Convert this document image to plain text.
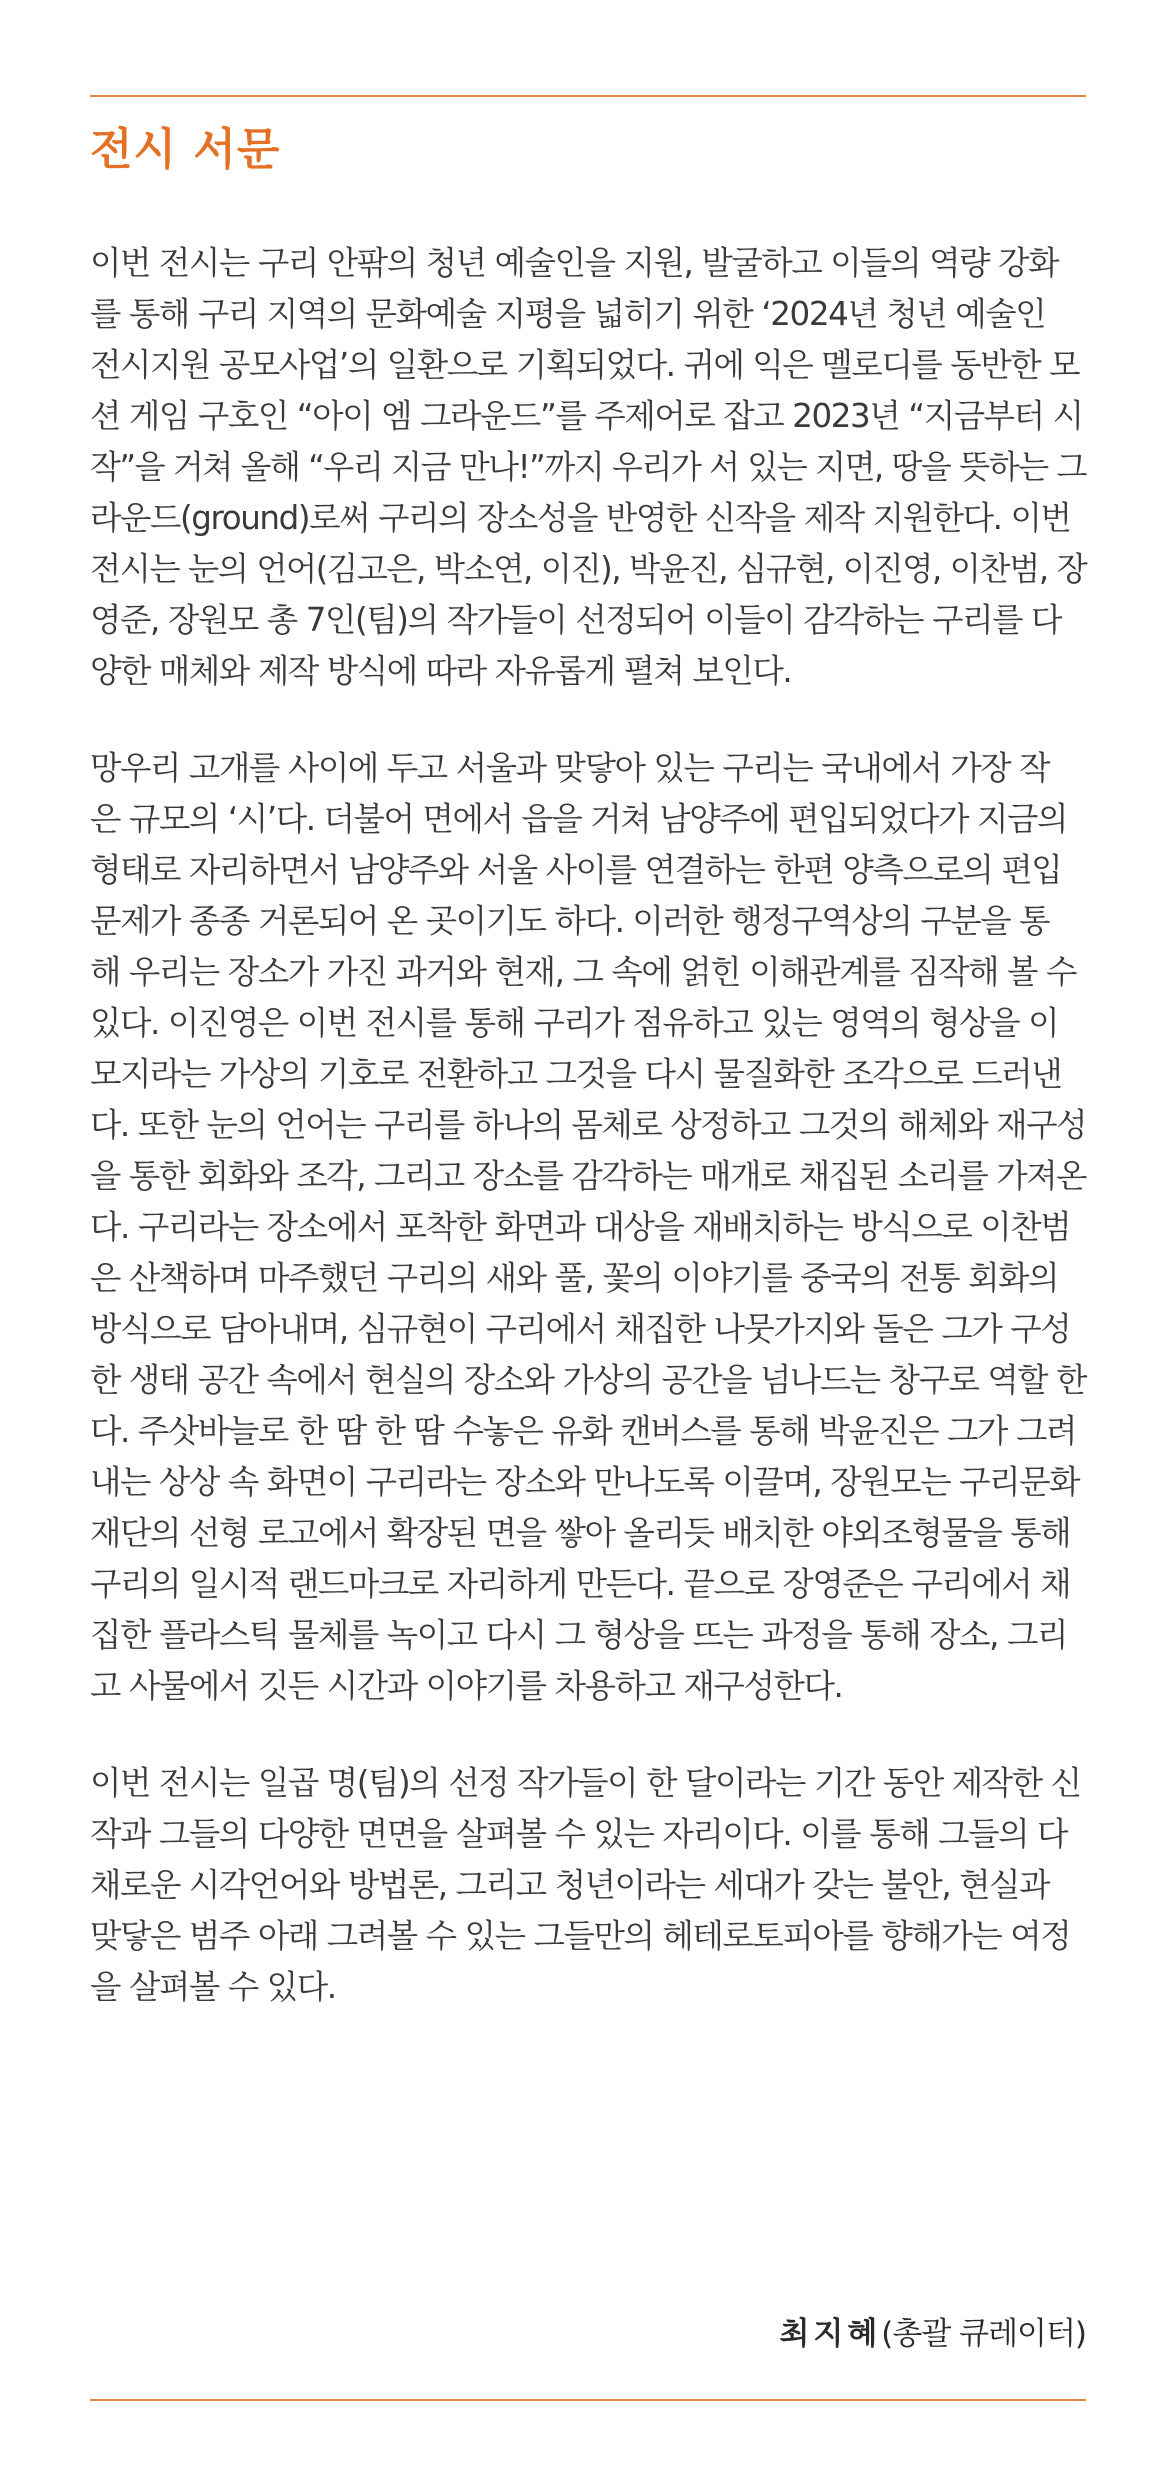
전시 서문

이번 전시는 구리 안팎의 청년 예술인을 지원, 발굴하고 이들의 역량 강화
를 통해 구리 지역의 문화예술 지평을 넓히기 위한 ‘2024년 청년 예술인
전시지원 공모사업’의 일환으로 기획되었다. 귀에 익은 멜로디를 동반한 모
션 게임 구호인 “아이 엠 그라운드”를 주제어로 잡고 2023년 “지금부터 시
작”을 거쳐 올해 “우리 지금 만나!”까지 우리가 서 있는 지면, 땅을 뜻하는 그
라운드(ground)로써 구리의 장소성을 반영한 신작을 제작 지원한다. 이번
전시는 눈의 언어(김고은, 박소연, 이진), 박윤진, 심규현, 이진영, 이찬범, 장
영준, 장원모 총 7인(팀)의 작가들이 선정되어 이들이 감각하는 구리를 다
양한 매체와 제작 방식에 따라 자유롭게 펼쳐 보인다.

망우리 고개를 사이에 두고 서울과 맞닿아 있는 구리는 국내에서 가장 작
은 규모의 ‘시’다. 더불어 면에서 읍을 거쳐 남양주에 편입되었다가 지금의
형태로 자리하면서 남양주와 서울 사이를 연결하는 한편 양측으로의 편입
문제가 종종 거론되어 온 곳이기도 하다. 이러한 행정구역상의 구분을 통
해 우리는 장소가 가진 과거와 현재, 그 속에 얽힌 이해관계를 짐작해 볼 수
있다. 이진영은 이번 전시를 통해 구리가 점유하고 있는 영역의 형상을 이
모지라는 가상의 기호로 전환하고 그것을 다시 물질화한 조각으로 드러낸
다. 또한 눈의 언어는 구리를 하나의 몸체로 상정하고 그것의 해체와 재구성
을 통한 회화와 조각, 그리고 장소를 감각하는 매개로 채집된 소리를 가져온
다. 구리라는 장소에서 포착한 화면과 대상을 재배치하는 방식으로 이찬범
은 산책하며 마주했던 구리의 새와 풀, 꽃의 이야기를 중국의 전통 회화의
방식으로 담아내며, 심규현이 구리에서 채집한 나뭇가지와 돌은 그가 구성
한 생태 공간 속에서 현실의 장소와 가상의 공간을 넘나드는 창구로 역할 한
다. 주삿바늘로 한 땀 한 땀 수놓은 유화 캔버스를 통해 박윤진은 그가 그려
내는 상상 속 화면이 구리라는 장소와 만나도록 이끌며, 장원모는 구리문화
재단의 선형 로고에서 확장된 면을 쌓아 올리듯 배치한 야외조형물을 통해
구리의 일시적 랜드마크로 자리하게 만든다. 끝으로 장영준은 구리에서 채
집한 플라스틱 물체를 녹이고 다시 그 형상을 뜨는 과정을 통해 장소, 그리
고 사물에서 깃든 시간과 이야기를 차용하고 재구성한다.

이번 전시는 일곱 명(팀)의 선정 작가들이 한 달이라는 기간 동안 제작한 신
작과 그들의 다양한 면면을 살펴볼 수 있는 자리이다. 이를 통해 그들의 다
채로운 시각언어와 방법론, 그리고 청년이라는 세대가 갖는 불안, 현실과
맞닿은 범주 아래 그려볼 수 있는 그들만의 헤테로토피아를 향해가는 여정
을 살펴볼 수 있다.

최지혜(총괄 큐레이터)
